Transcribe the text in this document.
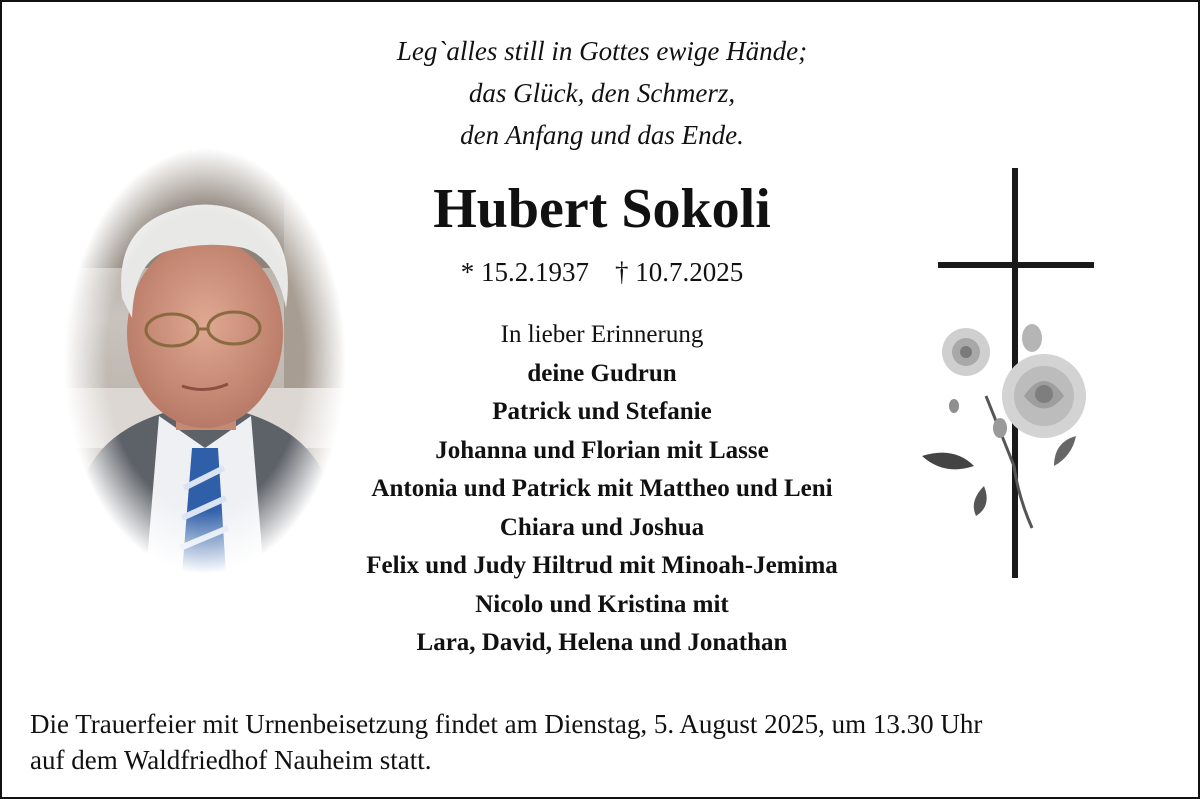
Leg`alles still in Gottes ewige Hände;
das Glück, den Schmerz,
den Anfang und das Ende.
Hubert Sokoli
* 15.2.1937 † 10.7.2025
In lieber Erinnerung
deine Gudrun
Patrick und Stefanie
Johanna und Florian mit Lasse
Antonia und Patrick mit Mattheo und Leni
Chiara und Joshua
Felix und Judy Hiltrud mit Minoah-Jemima
Nicolo und Kristina mit
Lara, David, Helena und Jonathan
Die Trauerfeier mit Urnenbeisetzung findet am Dienstag, 5. August 2025, um 13.30 Uhr
auf dem Waldfriedhof Nauheim statt.
